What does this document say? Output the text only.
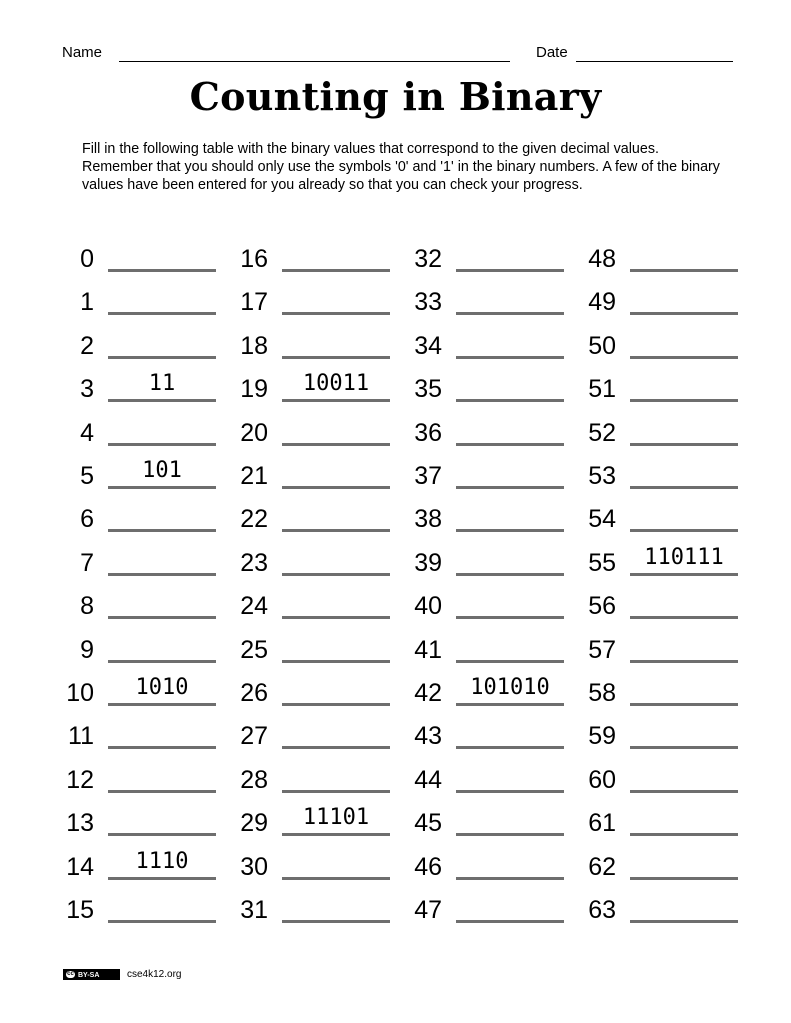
Name	Date
Counting in Binary

Fill in the following table with the binary values that correspond to the given decimal values. Remember that you should only use the symbols '0' and '1' in the binary numbers. A few of the binary values have been entered for you already so that you can check your progress.

0
1
2
3	11
4
5	101
6
7
8
9
10	1010
11
12
13
14	1110
15
16
17
18
19	10011
20
21
22
23
24
25
26
27
28
29	11101
30
31
32
33
34
35
36
37
38
39
40
41
42	101010
43
44
45
46
47
48
49
50
51
52
53
54
55	110111
56
57
58
59
60
61
62
63
cc BY-SA	cse4k12.org
